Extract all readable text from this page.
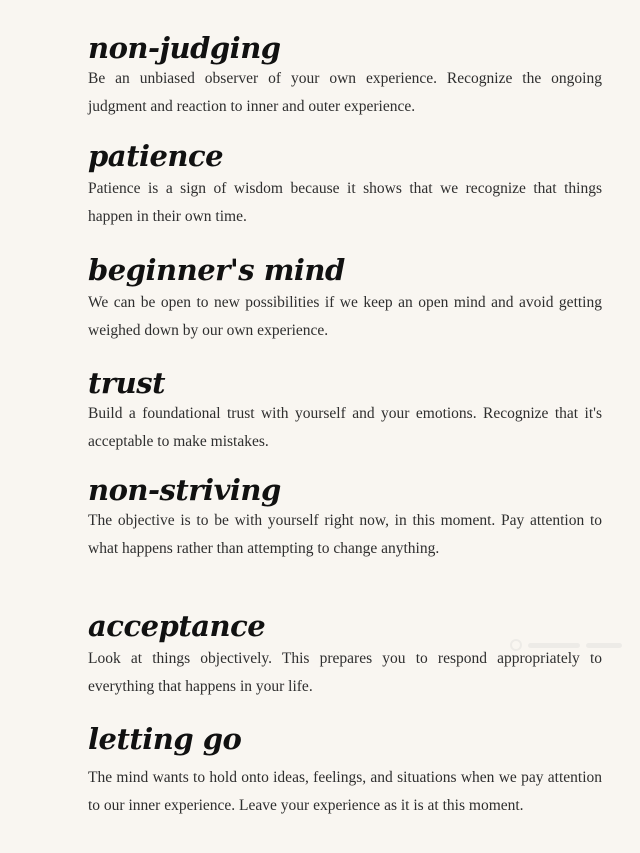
non-judging

Be an unbiased observer of your own experience. Recognize the ongoing judgment and reaction to inner and outer experience.

patience

Patience is a sign of wisdom because it shows that we recognize that things happen in their own time.

beginner's mind

We can be open to new possibilities if we keep an open mind and avoid getting weighed down by our own experience.

trust

Build a foundational trust with yourself and your emotions. Recognize that it's acceptable to make mistakes.

non-striving

The objective is to be with yourself right now, in this moment. Pay attention to what happens rather than attempting to change anything.

acceptance

Look at things objectively. This prepares you to respond appropriately to everything that happens in your life.

letting go

The mind wants to hold onto ideas, feelings, and situations when we pay attention to our inner experience. Leave your experience as it is at this moment.
